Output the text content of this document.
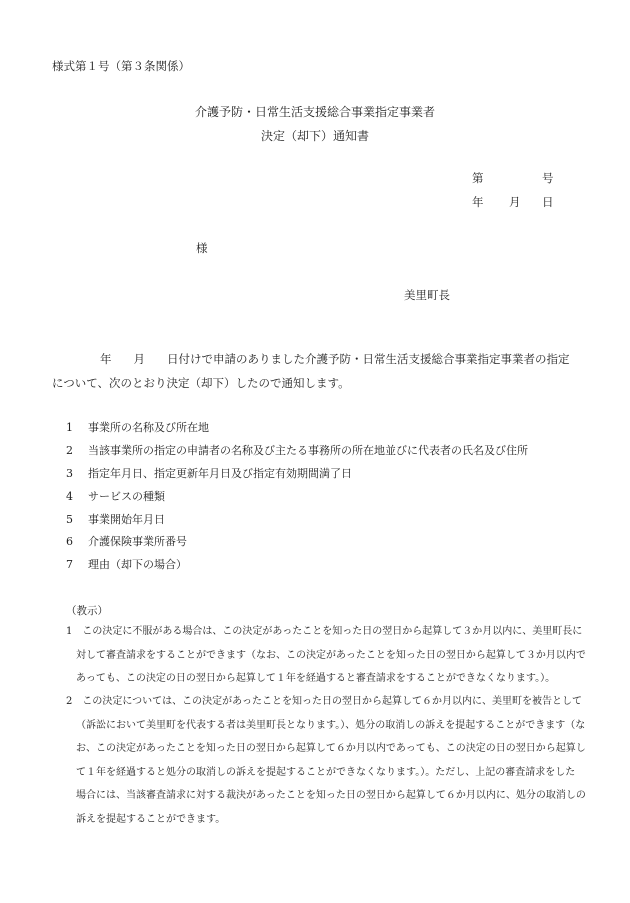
様式第１号（第３条関係）
介護予防・日常生活支援総合事業指定事業者
決定（却下）通知書
第	号
年 月 日
様
美里町長
年 月 日付けで申請のありました介護予防・日常生活支援総合事業指定事業者の指定
について、次のとおり決定（却下）したので通知します。
1 事業所の名称及び所在地
2 当該事業所の指定の申請者の名称及び主たる事務所の所在地並びに代表者の氏名及び住所
3 指定年月日、指定更新年月日及び指定有効期間満了日
4 サービスの種類
5 事業開始年月日
6 介護保険事業所番号
7 理由（却下の場合）
（教示）
1　この決定に不服がある場合は、この決定があったことを知った日の翌日から起算して３か月以内に、美里町長に
対して審査請求をすることができます（なお、この決定があったことを知った日の翌日から起算して３か月以内で
あっても、この決定の日の翌日から起算して１年を経過すると審査請求をすることができなくなります。）。
2　この決定については、この決定があったことを知った日の翌日から起算して６か月以内に、美里町を被告として
（訴訟において美里町を代表する者は美里町長となります。）、処分の取消しの訴えを提起することができます（な
お、この決定があったことを知った日の翌日から起算して６か月以内であっても、この決定の日の翌日から起算し
て１年を経過すると処分の取消しの訴えを提起することができなくなります。）。ただし、上記の審査請求をした
場合には、当該審査請求に対する裁決があったことを知った日の翌日から起算して６か月以内に、処分の取消しの
訴えを提起することができます。
